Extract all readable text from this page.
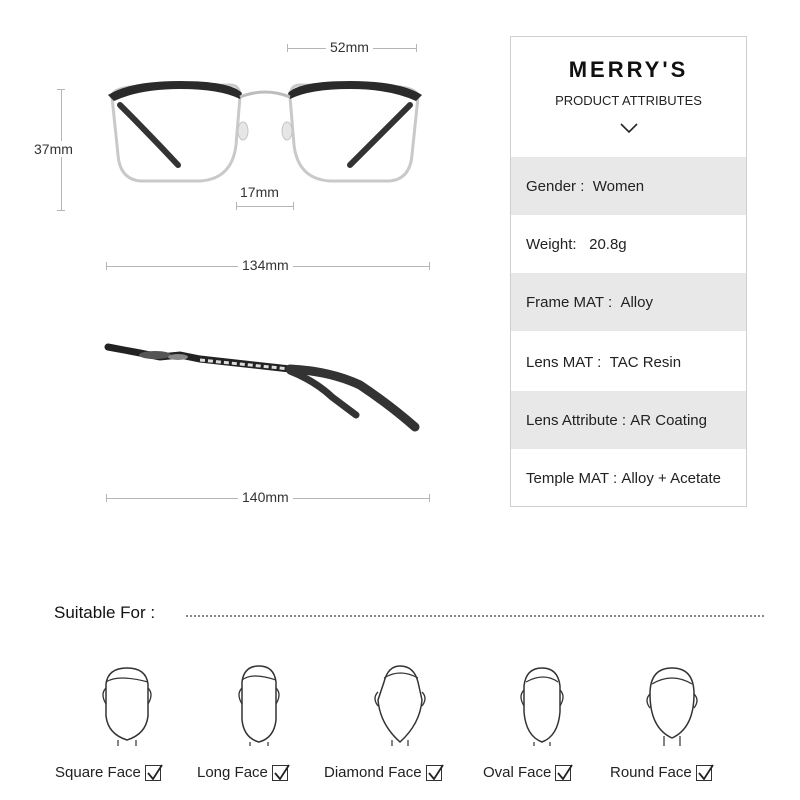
52mm
37mm
17mm
134mm
140mm
MERRY'S
PRODUCT ATTRIBUTES
Gender :
Women
Weight:
20.8g
Frame MAT :
Alloy
Lens MAT :
TAC Resin
Lens Attribute :
AR Coating
Temple MAT :
Alloy + Acetate
Suitable For :
Square Face	Long Face	Diamond Face	Oval Face	Round Face
